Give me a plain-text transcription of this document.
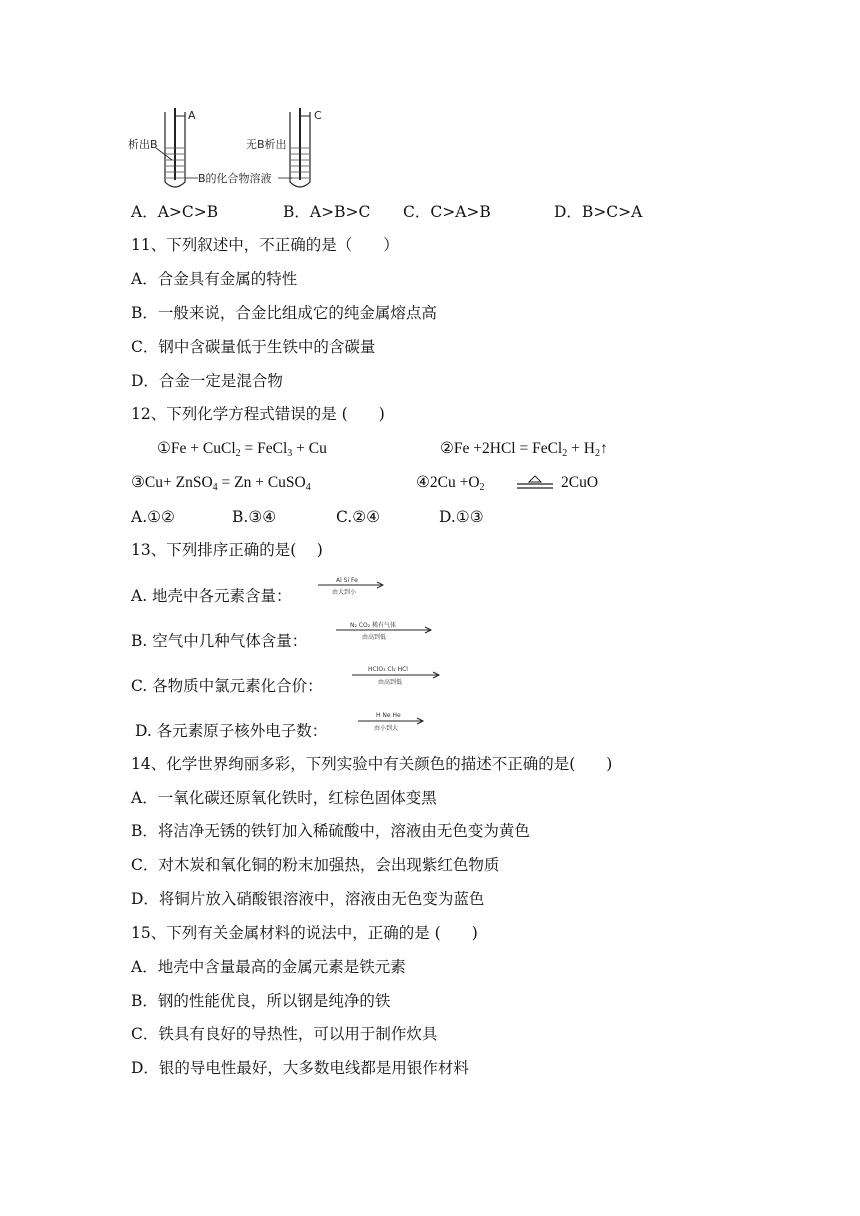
A
析出B
C
无B析出
B的化合物溶液
A．A>C>B	B．A>B>C C．C>A>B	D．B>C>A
11、下列叙述中，不正确的是（　　）
A．合金具有金属的特性
B．一般来说，合金比组成它的纯金属熔点高
C．钢中含碳量低于生铁中的含碳量
D．合金一定是混合物
12、下列化学方程式错误的是 (　　)
①Fe + CuCl$_2$ = FeCl$_3$ + Cu	②Fe +2HCl = FeCl$_2$ + $H_2↑$
③Cu+ ZnSO$_4$ = Zn + CuSO$_4$	④2Cu $+O_2$	2CuO
A.①②	B.③④	C.②④	D.①③
13、下列排序正确的是(　 )
A. 地壳中各元素含量：
Al Si Fe
由大到小
B. 空气中几种气体含量：
N₂ CO₂ 稀有气体
由高到低
C. 各物质中氯元素化合价：
HClO₃ Cl₂ HCl
由高到低
D. 各元素原子核外电子数：
H Ne He
由小到大
14、化学世界绚丽多彩，下列实验中有关颜色的描述不正确的是(　　)
A．一氧化碳还原氧化铁时，红棕色固体变黑
B．将洁净无锈的铁钉加入稀硫酸中，溶液由无色变为黄色
C．对木炭和氧化铜的粉末加强热，会出现紫红色物质
D．将铜片放入硝酸银溶液中，溶液由无色变为蓝色
15、下列有关金属材料的说法中，正确的是 (　　)
A．地壳中含量最高的金属元素是铁元素
B．钢的性能优良，所以钢是纯净的铁
C．铁具有良好的导热性，可以用于制作炊具
D．银的导电性最好，大多数电线都是用银作材料
